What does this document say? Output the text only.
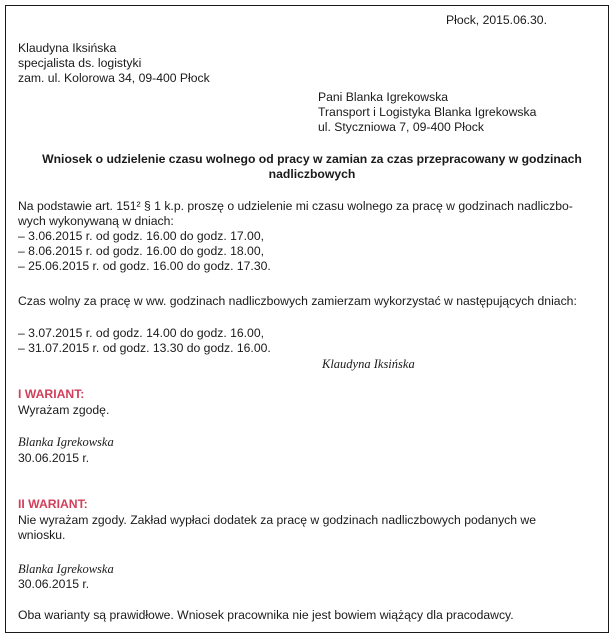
Płock, 2015.06.30.
Klaudyna Iksińska
specjalista ds. logistyki
zam. ul. Kolorowa 34, 09-400 Płock
Pani Blanka Igrekowska
Transport i Logistyka Blanka Igrekowska
ul. Styczniowa 7, 09-400 Płock
Wniosek o udzielenie czasu wolnego od pracy w zamian za czas przepracowany w godzinach
nadliczbowych
Na podstawie art. 151² § 1 k.p. proszę o udzielenie mi czasu wolnego za pracę w godzinach nadliczbo-
wych wykonywaną w dniach:
– 3.06.2015 r. od godz. 16.00 do godz. 17.00,
– 8.06.2015 r. od godz. 16.00 do godz. 18.00,
– 25.06.2015 r. od godz. 16.00 do godz. 17.30.
Czas wolny za pracę w ww. godzinach nadliczbowych zamierzam wykorzystać w następujących dniach:
– 3.07.2015 r. od godz. 14.00 do godz. 16.00,
– 31.07.2015 r. od godz. 13.30 do godz. 16.00.
Klaudyna Iksińska
I WARIANT:
Wyrażam zgodę.
Blanka Igrekowska
30.06.2015 r.
II WARIANT:
Nie wyrażam zgody. Zakład wypłaci dodatek za pracę w godzinach nadliczbowych podanych we
wniosku.
Blanka Igrekowska
30.06.2015 r.
Oba warianty są prawidłowe. Wniosek pracownika nie jest bowiem wiążący dla pracodawcy.
